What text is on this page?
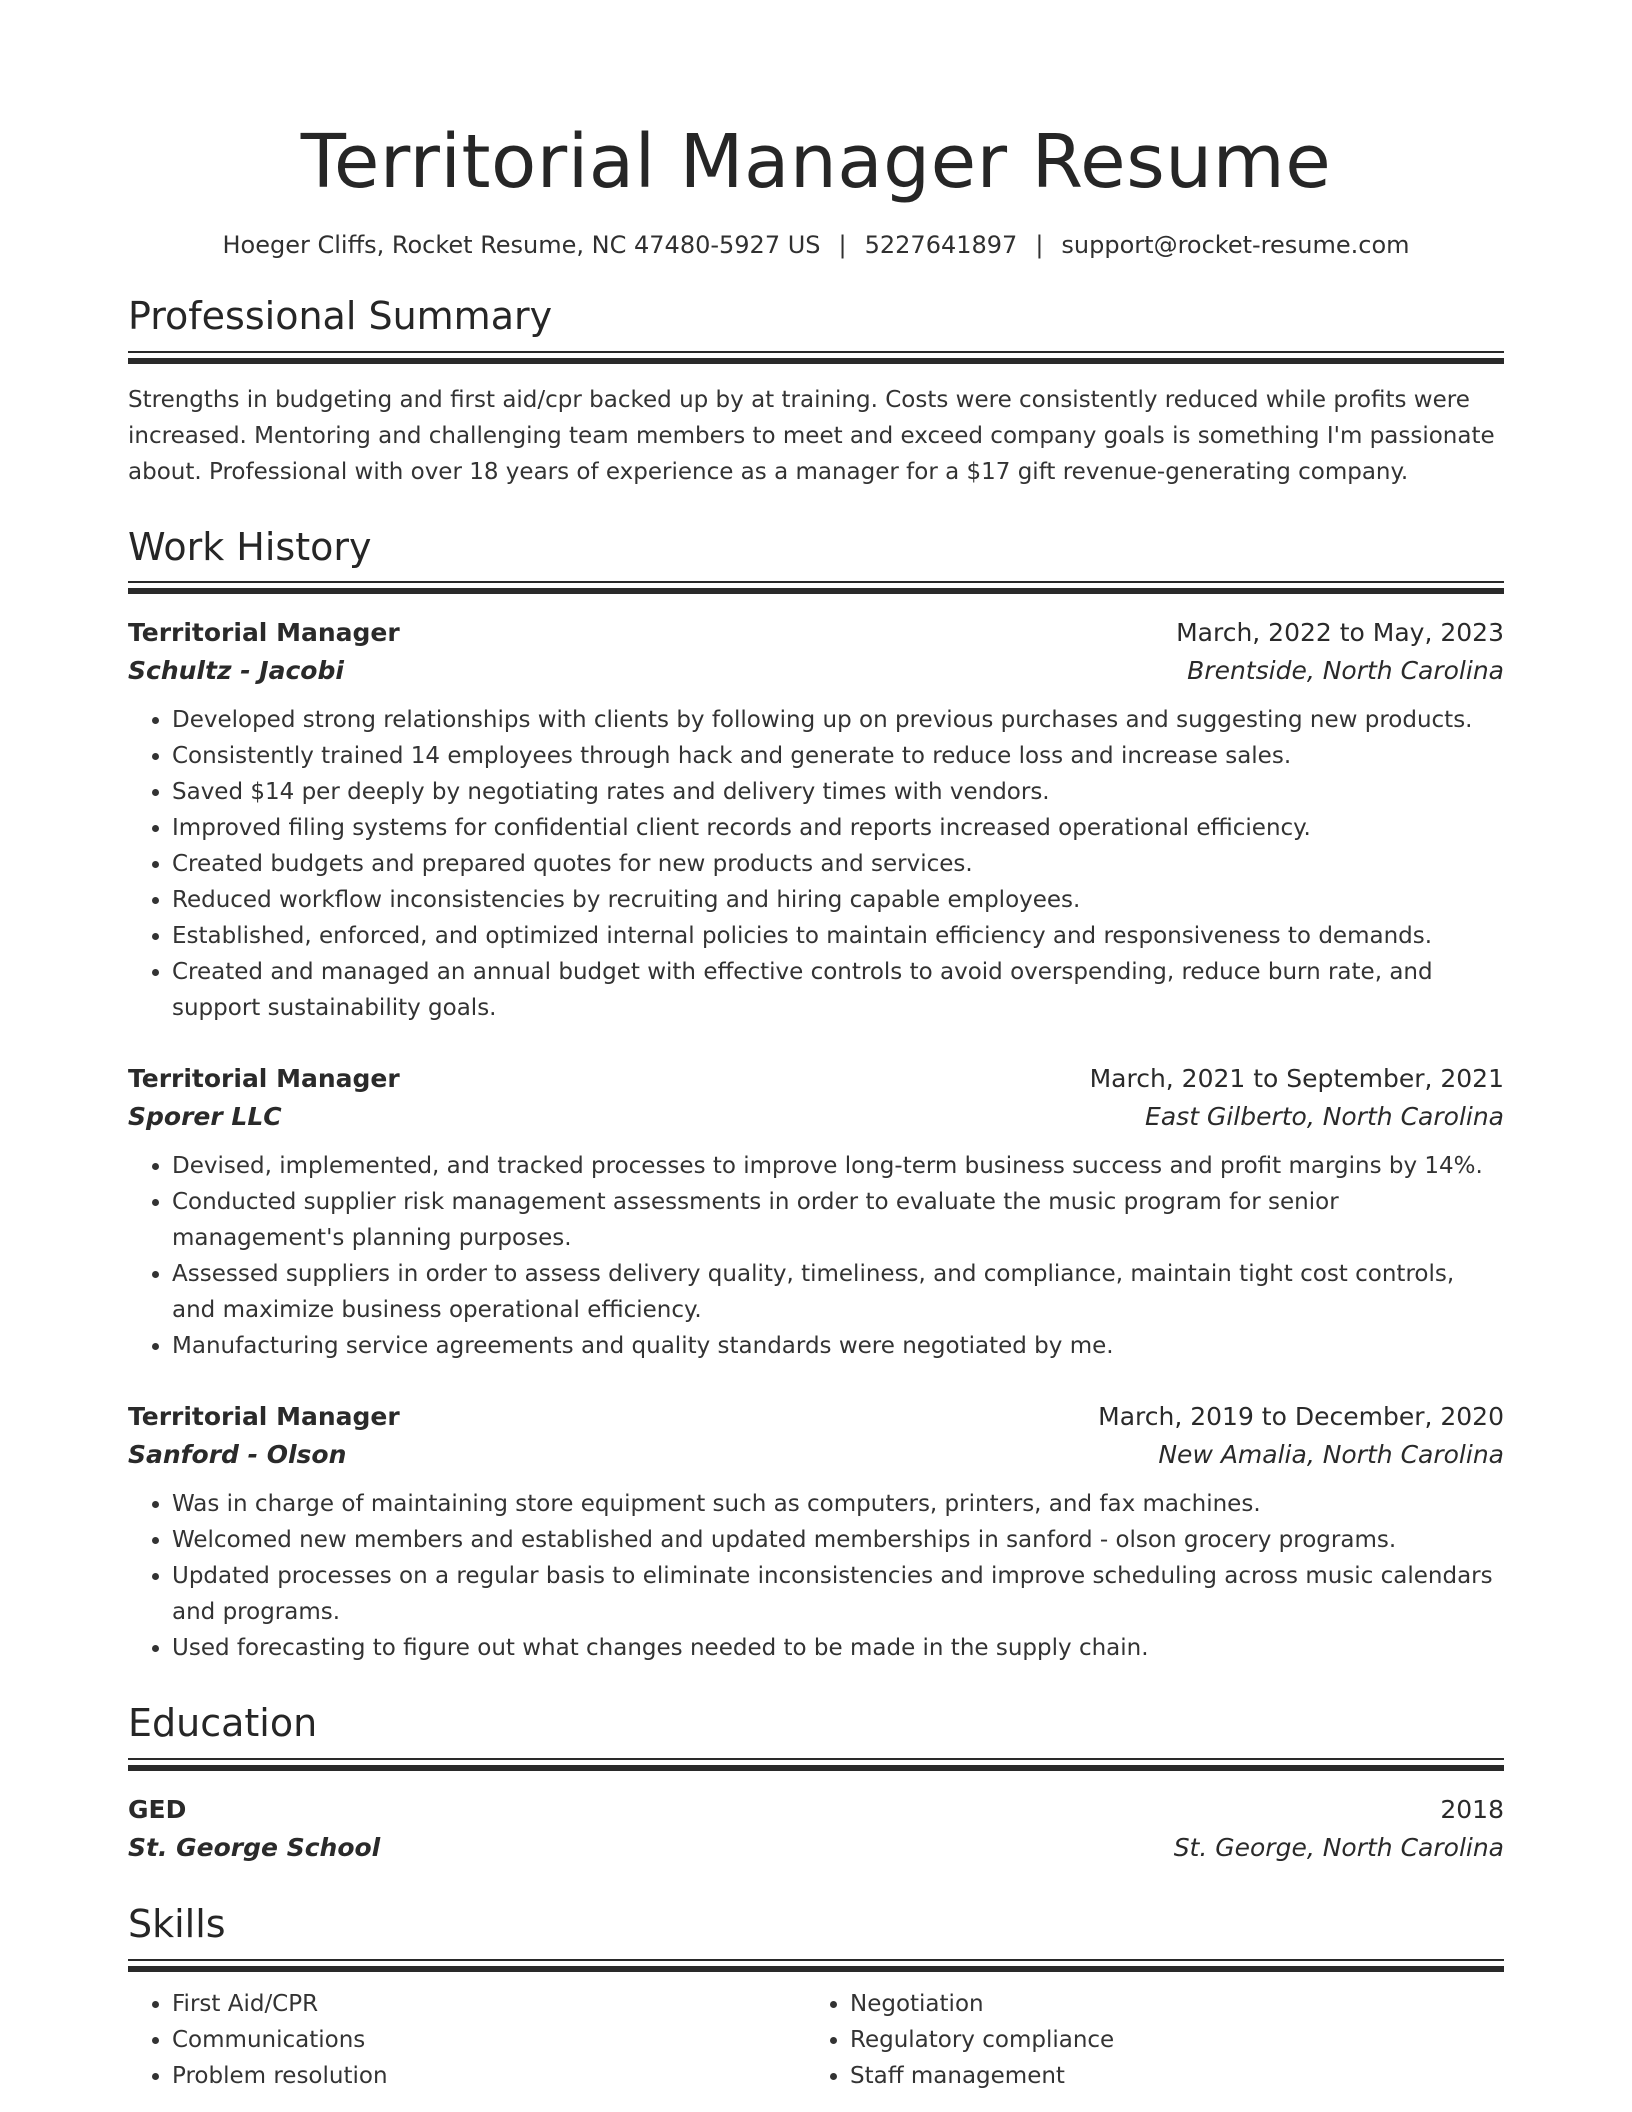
Territorial Manager Resume
Hoeger Cliffs, Rocket Resume, NC 47480-5927 US | 5227641897 | support@rocket-resume.com
Professional Summary
Strengths in budgeting and first aid/cpr backed up by at training. Costs were consistently reduced while profits were increased. Mentoring and challenging team members to meet and exceed company goals is something I'm passionate about. Professional with over 18 years of experience as a manager for a $17 gift revenue-generating company.
Work History
Territorial Manager	March, 2022 to May, 2023
Schultz - Jacobi	Brentside, North Carolina
• Developed strong relationships with clients by following up on previous purchases and suggesting new products.
• Consistently trained 14 employees through hack and generate to reduce loss and increase sales.
• Saved $14 per deeply by negotiating rates and delivery times with vendors.
• Improved filing systems for confidential client records and reports increased operational efficiency.
• Created budgets and prepared quotes for new products and services.
• Reduced workflow inconsistencies by recruiting and hiring capable employees.
• Established, enforced, and optimized internal policies to maintain efficiency and responsiveness to demands.
• Created and managed an annual budget with effective controls to avoid overspending, reduce burn rate, and support sustainability goals.
Territorial Manager	March, 2021 to September, 2021
Sporer LLC	East Gilberto, North Carolina
• Devised, implemented, and tracked processes to improve long-term business success and profit margins by 14%.
• Conducted supplier risk management assessments in order to evaluate the music program for senior management's planning purposes.
• Assessed suppliers in order to assess delivery quality, timeliness, and compliance, maintain tight cost controls, and maximize business operational efficiency.
• Manufacturing service agreements and quality standards were negotiated by me.
Territorial Manager	March, 2019 to December, 2020
Sanford - Olson	New Amalia, North Carolina
• Was in charge of maintaining store equipment such as computers, printers, and fax machines.
• Welcomed new members and established and updated memberships in sanford - olson grocery programs.
• Updated processes on a regular basis to eliminate inconsistencies and improve scheduling across music calendars and programs.
• Used forecasting to figure out what changes needed to be made in the supply chain.
Education
GED	2018
St. George School	St. George, North Carolina
Skills
• First Aid/CPR
• Communications
• Problem resolution
• Negotiation
• Regulatory compliance
• Staff management
